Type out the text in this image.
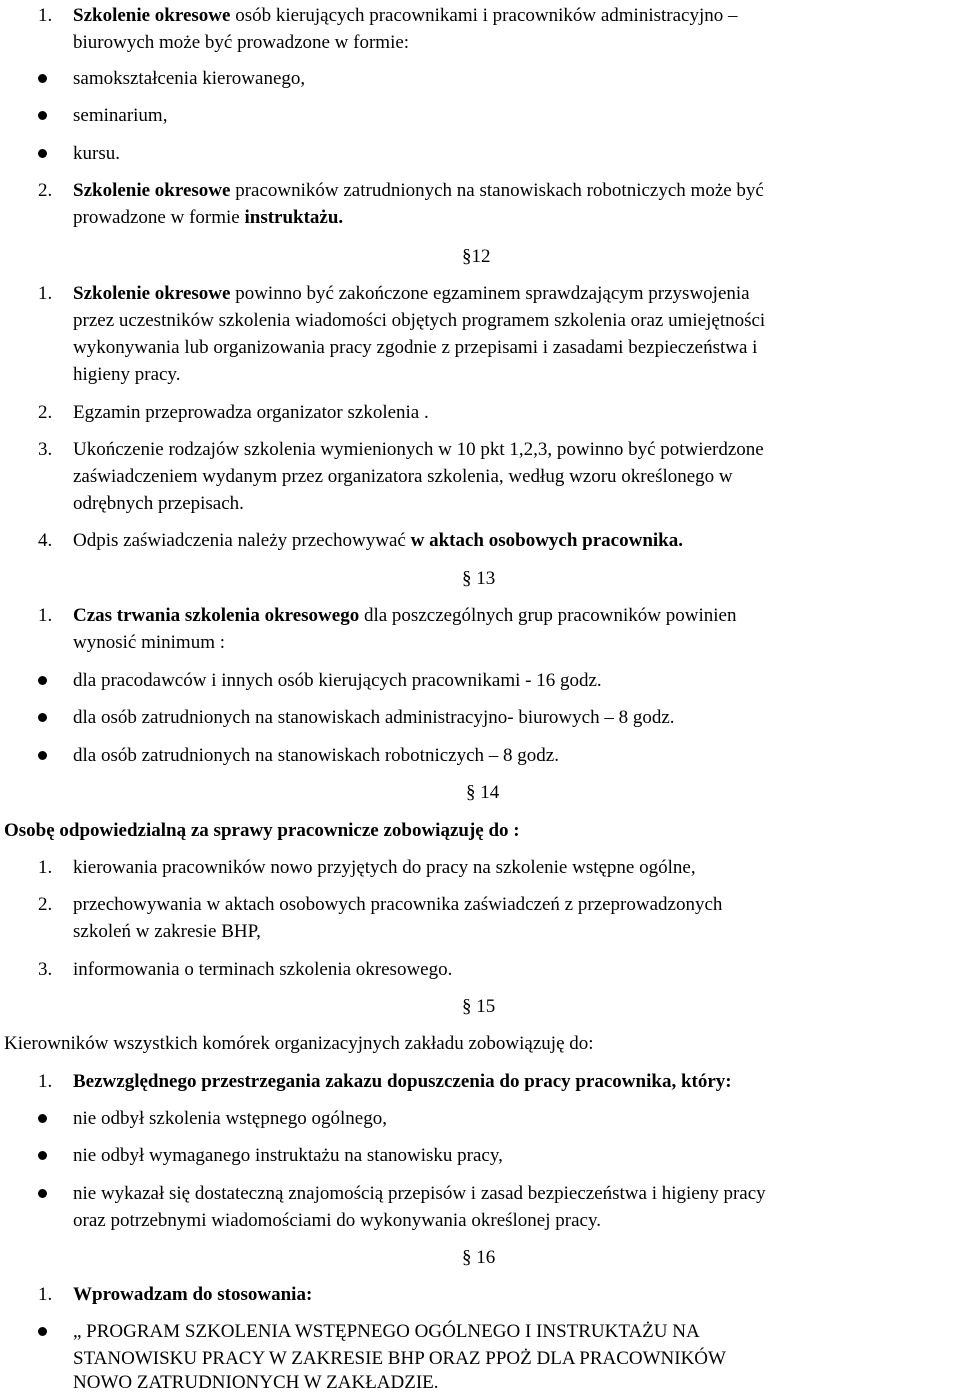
1. Szkolenie okresowe osób kierujących pracownikami i pracowników administracyjno –
biurowych może być prowadzone w formie:
samokształcenia kierowanego,
seminarium,
kursu.
2. Szkolenie okresowe pracowników zatrudnionych na stanowiskach robotniczych może być
prowadzone w formie instruktażu.
§12
1. Szkolenie okresowe powinno być zakończone egzaminem sprawdzającym przyswojenia
przez uczestników szkolenia wiadomości objętych programem szkolenia oraz umiejętności
wykonywania lub organizowania pracy zgodnie z przepisami i zasadami bezpieczeństwa i
higieny pracy.
2. Egzamin przeprowadza organizator szkolenia .
3. Ukończenie rodzajów szkolenia wymienionych w 10 pkt 1,2,3, powinno być potwierdzone
zaświadczeniem wydanym przez organizatora szkolenia, według wzoru określonego w
odrębnych przepisach.
4. Odpis zaświadczenia należy przechowywać w aktach osobowych pracownika.
§ 13
1. Czas trwania szkolenia okresowego dla poszczególnych grup pracowników powinien
wynosić minimum :
dla pracodawców i innych osób kierujących pracownikami - 16 godz.
dla osób zatrudnionych na stanowiskach administracyjno- biurowych – 8 godz.
dla osób zatrudnionych na stanowiskach robotniczych – 8 godz.
§ 14
Osobę odpowiedzialną za sprawy pracownicze zobowiązuję do :
1. kierowania pracowników nowo przyjętych do pracy na szkolenie wstępne ogólne,
2. przechowywania w aktach osobowych pracownika zaświadczeń z przeprowadzonych
szkoleń w zakresie BHP,
3. informowania o terminach szkolenia okresowego.
§ 15
Kierowników wszystkich komórek organizacyjnych zakładu zobowiązuję do:
1. Bezwzględnego przestrzegania zakazu dopuszczenia do pracy pracownika, który:
nie odbył szkolenia wstępnego ogólnego,
nie odbył wymaganego instruktażu na stanowisku pracy,
nie wykazał się dostateczną znajomością przepisów i zasad bezpieczeństwa i higieny pracy
oraz potrzebnymi wiadomościami do wykonywania określonej pracy.
§ 16
1. Wprowadzam do stosowania:
„ PROGRAM SZKOLENIA WSTĘPNEGO OGÓLNEGO I INSTRUKTAŻU NA
STANOWISKU PRACY W ZAKRESIE BHP ORAZ PPOŻ DLA PRACOWNIKÓW
NOWO ZATRUDNIONYCH W ZAKŁADZIE.
